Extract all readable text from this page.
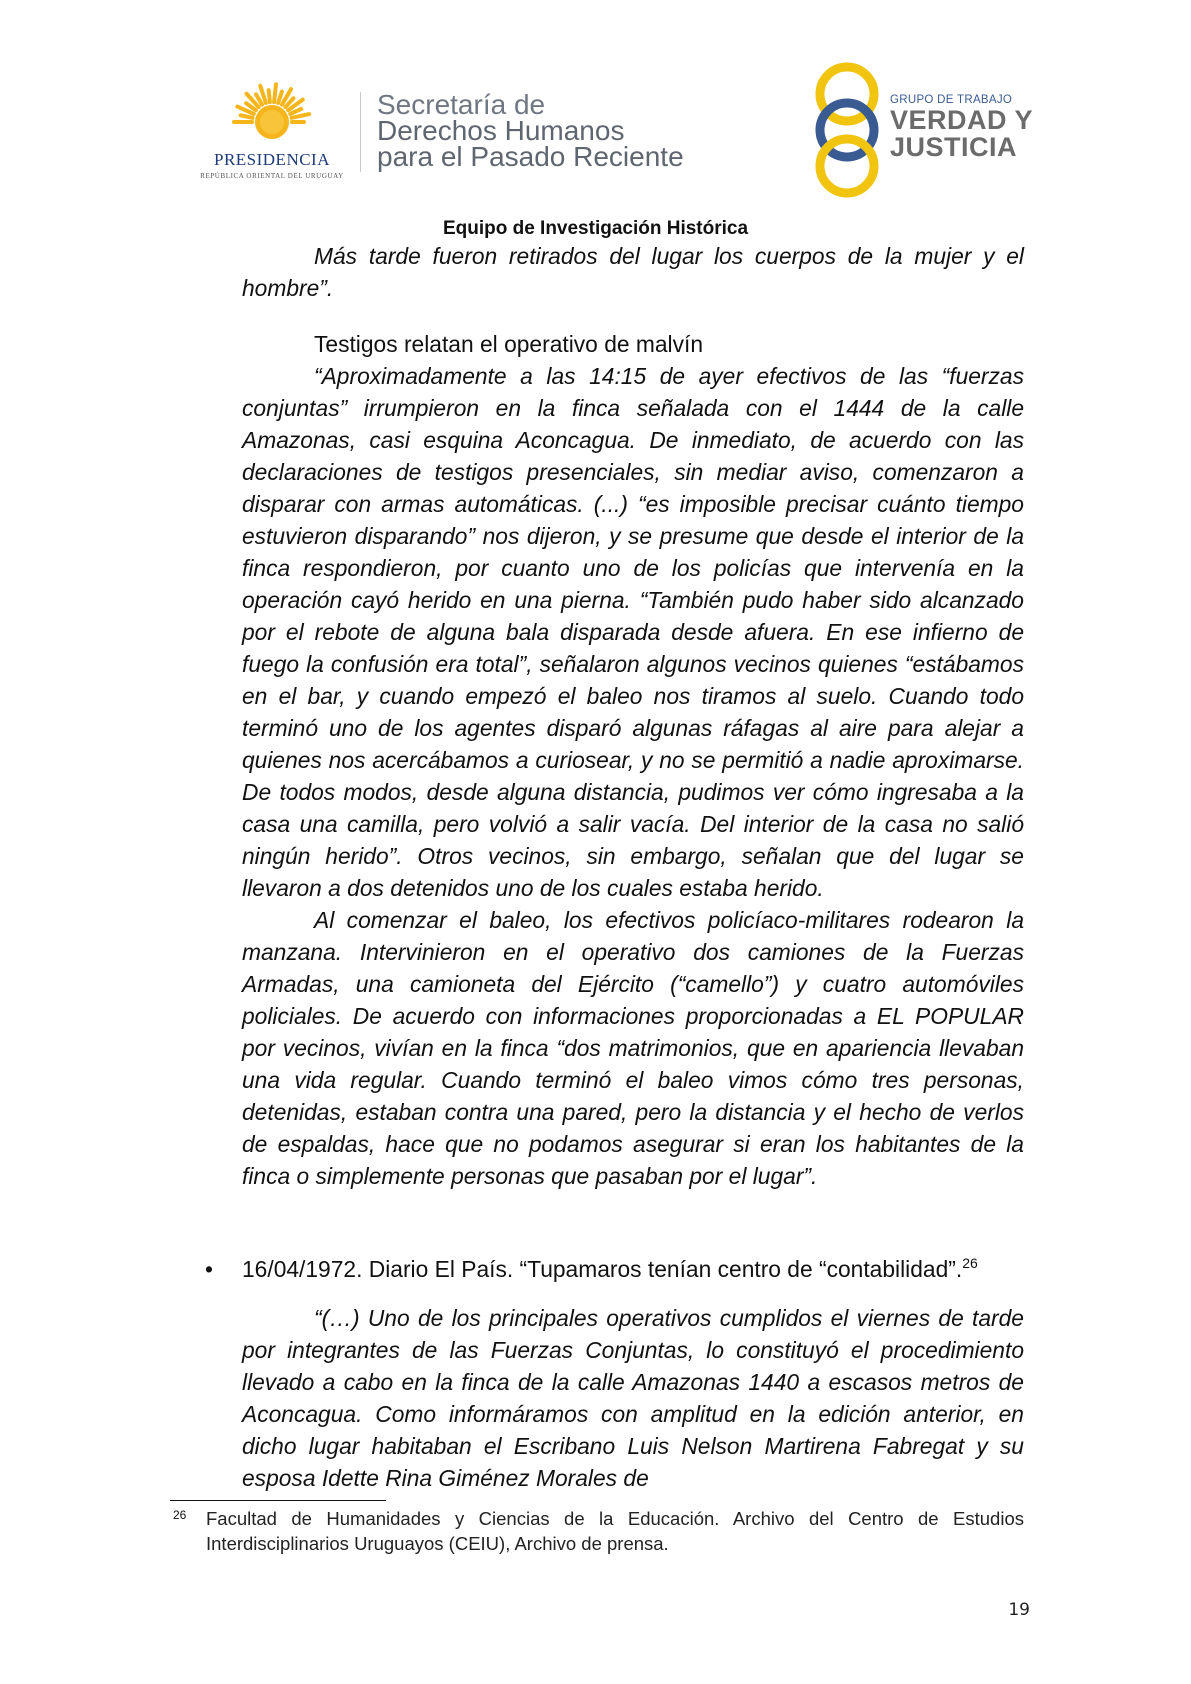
PRESIDENCIA
REPÚBLICA ORIENTAL DEL URUGUAY
Secretaría de
Derechos Humanos
para el Pasado Reciente
GRUPO DE TRABAJO
VERDAD Y
JUSTICIA
Equipo de Investigación Histórica

Más tarde fueron retirados del lugar los cuerpos de la mujer y el hombre”.

Testigos relatan el operativo de malvín

“Aproximadamente a las 14:15 de ayer efectivos de las “fuerzas conjuntas” irrumpieron en la finca señalada con el 1444 de la calle Amazonas, casi esquina Aconcagua. De inmediato, de acuerdo con las declaraciones de testigos presenciales, sin mediar aviso, comenzaron a disparar con armas automáticas. (...) “es imposible precisar cuánto tiempo estuvieron disparando” nos dijeron, y se presume que desde el interior de la finca respondieron, por cuanto uno de los policías que intervenía en la operación cayó herido en una pierna. “También pudo haber sido alcanzado por el rebote de alguna bala disparada desde afuera. En ese infierno de fuego la confusión era total”, señalaron algunos vecinos quienes “estábamos en el bar, y cuando empezó el baleo nos tiramos al suelo. Cuando todo terminó uno de los agentes disparó algunas ráfagas al aire para alejar a quienes nos acercábamos a curiosear, y no se permitió a nadie aproximarse. De todos modos, desde alguna distancia, pudimos ver cómo ingresaba a la casa una camilla, pero volvió a salir vacía. Del interior de la casa no salió ningún herido”. Otros vecinos, sin embargo, señalan que del lugar se llevaron a dos detenidos uno de los cuales estaba herido.

Al comenzar el baleo, los efectivos policíaco-militares rodearon la manzana. Intervinieron en el operativo dos camiones de la Fuerzas Armadas, una camioneta del Ejército (“camello”) y cuatro automóviles policiales. De acuerdo con informaciones proporcionadas a EL POPULAR por vecinos, vivían en la finca “dos matrimonios, que en apariencia llevaban una vida regular. Cuando terminó el baleo vimos cómo tres personas, detenidas, estaban contra una pared, pero la distancia y el hecho de verlos de espaldas, hace que no podamos asegurar si eran los habitantes de la finca o simplemente personas que pasaban por el lugar”.

• 16/04/1972. Diario El País. “Tupamaros tenían centro de “contabilidad”.$^{26}$

“(…) Uno de los principales operativos cumplidos el viernes de tarde por integrantes de las Fuerzas Conjuntas, lo constituyó el procedimiento llevado a cabo en la finca de la calle Amazonas 1440 a escasos metros de Aconcagua. Como informáramos con amplitud en la edición anterior, en dicho lugar habitaban el Escribano Luis Nelson Martirena Fabregat y su esposa Idette Rina Giménez Morales de

26 Facultad de Humanidades y Ciencias de la Educación. Archivo del Centro de Estudios Interdisciplinarios Uruguayos (CEIU), Archivo de prensa.
19
